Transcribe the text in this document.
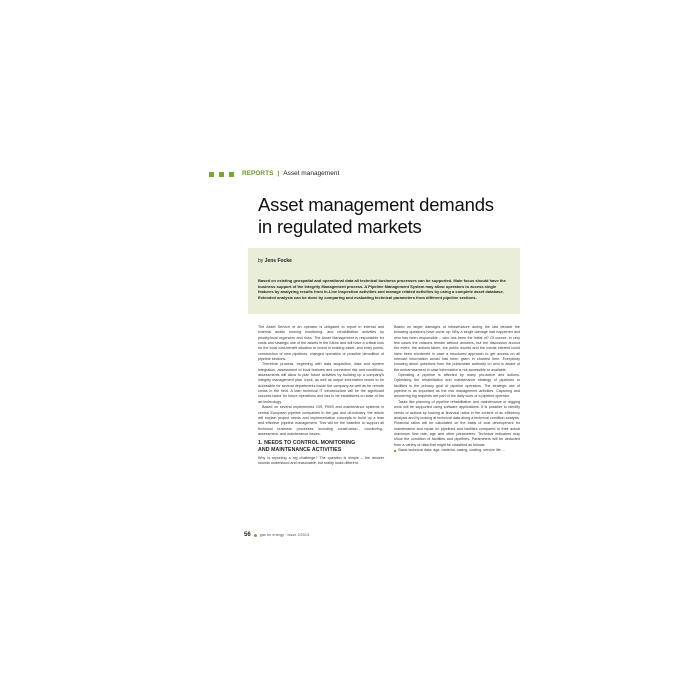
REPORTS | Asset management
Asset management demands
in regulated markets
by Jens Focke
Based on existing geospatial and operational data all technical business processes can be supported. Main focus should have the business support of the Integrity Management process. A Pipeline Management System may allow operators to access single features by analyzing results from In-Line Inspection activities and manage related activities by using a complete asset database. Extended analysis can be done by comparing and evaluating technical parameters from different pipeline sections.

The Asset Service of an operator is obligated to report in internal and external audits running monitoring- and rehabilitation activities by priority/local urgencies and risks. The Asset Management is responsible for costs and strategic use of the assets in the future and will have a critical look for the local cost-benefit situation to invest in existing asset- and entry points, construction of new pipelines, changed operation or possible demolition of pipeline sections.

Therefore process, beginning with data acquisition, data and system integration, assessment of local features and connected risk and conditions-assessments will allow to plan future activities by building up a company's integrity management plan. Input, as well as output information needs to be accessible for several departments inside the company as well as for remote crews in the field. A lean technical IT infrastructure will be the significant success factor for future operations and has to be established on state of the art technology.

Based on several implemented GIS, PIMS and maintenance systems in central European pipeline companies in the gas and oil-industry, the article will explain project needs and implementation concepts to build up a lean and effective pipeline management. This will be the baseline to support all technical business processes including construction-, monitoring-, assessment- and maintenance issues.

1. NEEDS TO CONTROL MONITORING
AND MAINTENANCE ACTIVITIES

Why is reporting a big challenge? The question is simple – the answer sounds understood and reasonable, but reality looks different.

Based on larger damages of infrastructure during the last decade the following questions have come up: Why a single damage had happened and who has been responsible – who has been the initial of? Of course, in very few cases the reasons remain without answers, but the discussion around the event, the actions taken, the public doubts and the media interest could have been shortened in case a structured approach to get access on all relevant information would had been given in shortest time. Everybody knowing about questions from the pubic/state authority on who is aware of the embarrassment in case information is not accessible or available.

Operating a pipeline is affected by many pro-active and actions. Optimizing the rehabilitation and maintenance strategy of pipelines or facilities is the primary goal of pipeline operators. The strategic use of pipeline is as important as the risk management activities. Capturing and answering big requests are part of the daily work of a pipeline operator.

Tasks like planning of pipeline rehabilitation and maintenance or digging work will be supported using software applications. It is possible to identify needs of actions by looking at financial ratios in the context of an efficiency analysis and by looking at technical data along a technical condition analysis. Financial ratios will be calculated on the basis of cost development for maintenance and repair on pipelines and facilities compared to their actual maximum flow rate, age and other parameters. Technical indicators may show the condition of facilities and pipelines. Parameters will be deducted from a variety of data that might be classified as follows:

■ Basic technical data: age, material, casing, coating, service life ...
56 gas for energy · Issue 2/2013
